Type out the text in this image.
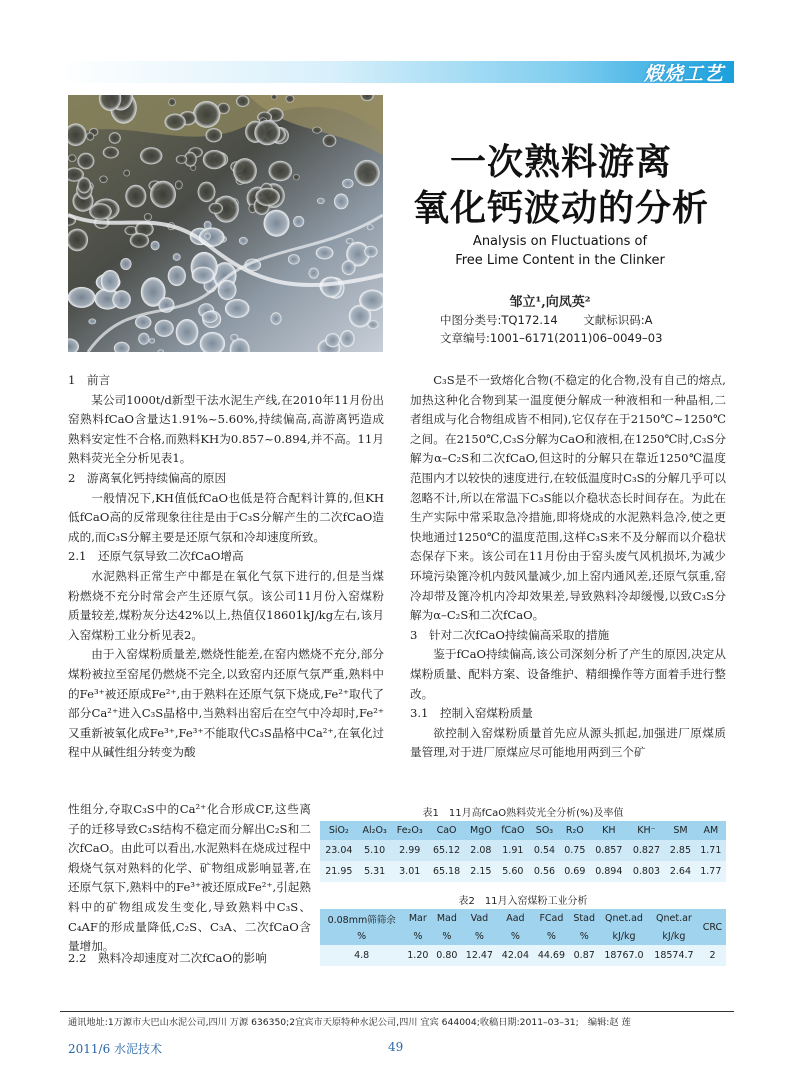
煅烧工艺
一次熟料游离
氧化钙波动的分析
Analysis on Fluctuations of
Free Lime Content in the Clinker
邹立¹,向凤英²
中图分类号:TQ172.14 文献标识码:A
文章编号:1001–6171(2011)06–0049–03
1　前言

某公司1000t/d新型干法水泥生产线,在2010年11月份出窑熟料fCaO含量达1.91%~5.60%,持续偏高,高游离钙造成熟料安定性不合格,而熟料KH为0.857~0.894,并不高。11月熟料荧光全分析见表1。

2　游离氧化钙持续偏高的原因

一般情况下,KH值低fCaO也低是符合配料计算的,但KH低fCaO高的反常现象往往是由于C₃S分解产生的二次fCaO造成的,而C₃S分解主要是还原气氛和冷却速度所致。

2.1　还原气氛导致二次fCaO增高

水泥熟料正常生产中都是在氧化气氛下进行的,但是当煤粉燃烧不充分时常会产生还原气氛。该公司11月份入窑煤粉质量较差,煤粉灰分达42%以上,热值仅18601kJ/kg左右,该月入窑煤粉工业分析见表2。

由于入窑煤粉质量差,燃烧性能差,在窑内燃烧不充分,部分煤粉被拉至窑尾仍燃烧不完全,以致窑内还原气氛严重,熟料中的Fe³⁺被还原成Fe²⁺,由于熟料在还原气氛下烧成,Fe²⁺取代了部分Ca²⁺进入C₃S晶格中,当熟料出窑后在空气中冷却时,Fe²⁺又重新被氧化成Fe³⁺,Fe³⁺不能取代C₃S晶格中Ca²⁺,在氧化过程中从碱性组分转变为酸

性组分,夺取C₃S中的Ca²⁺化合形成CF,这些离子的迁移导致C₃S结构不稳定而分解出C₂S和二次fCaO。由此可以看出,水泥熟料在烧成过程中煅烧气氛对熟料的化学、矿物组成影响显著,在还原气氛下,熟料中的Fe³⁺被还原成Fe²⁺,引起熟料中的矿物组成发生变化,导致熟料中C₃S、C₄AF的形成量降低,C₂S、C₃A、二次fCaO含量增加。

2.2　熟料冷却速度对二次fCaO的影响

C₃S是不一致熔化合物(不稳定的化合物,没有自己的熔点,加热这种化合物到某一温度便分解成一种液相和一种晶相,二者组成与化合物组成皆不相同),它仅存在于2150℃~1250℃之间。在2150℃,C₃S分解为CaO和液相,在1250℃时,C₃S分解为α–C₂S和二次fCaO,但这时的分解只在靠近1250℃温度范围内才以较快的速度进行,在较低温度时C₃S的分解几乎可以忽略不计,所以在常温下C₃S能以介稳状态长时间存在。为此在生产实际中常采取急冷措施,即将烧成的水泥熟料急冷,使之更快地通过1250℃的温度范围,这样C₃S来不及分解而以介稳状态保存下来。该公司在11月份由于窑头废气风机损坏,为减少环境污染篦冷机内鼓风量减少,加上窑内通风差,还原气氛重,窑冷却带及篦冷机内冷却效果差,导致熟料冷却缓慢,以致C₃S分解为α–C₂S和二次fCaO。

3　针对二次fCaO持续偏高采取的措施

鉴于fCaO持续偏高,该公司深刻分析了产生的原因,决定从煤粉质量、配料方案、设备维护、精细操作等方面着手进行整改。

3.1　控制入窑煤粉质量

欲控制入窑煤粉质量首先应从源头抓起,加强进厂原煤质量管理,对于进厂原煤应尽可能地用两到三个矿

表1　11月高fCaO熟料荧光全分析(%)及率值
SiO₂	Al₂O₃	Fe₂O₃	CaO	MgO	fCaO	SO₃	R₂O	KH	KH⁻	SM	AM
23.04	5.10	2.99	65.12	2.08	1.91	0.54	0.75	0.857	0.827	2.85	1.71
21.95	5.31	3.01	65.18	2.15	5.60	0.56	0.69	0.894	0.803	2.64	1.77
表2　11月入窑煤粉工业分析
0.08mm筛筛余	Mar	Mad	Vad	Aad	FCad	Stad	Qnet.ad	Qnet.ar	CRC
%	%	%	%	%	%	%	kJ/kg	kJ/kg	
4.8	1.20	0.80	12.47	42.04	44.69	0.87	18767.0	18574.7	2
通讯地址:1万源市大巴山水泥公司,四川 万源 636350;2宜宾市天原特种水泥公司,四川 宜宾 644004;收稿日期:2011–03–31;　编辑:赵 莲
2011/6 水泥技术	49
